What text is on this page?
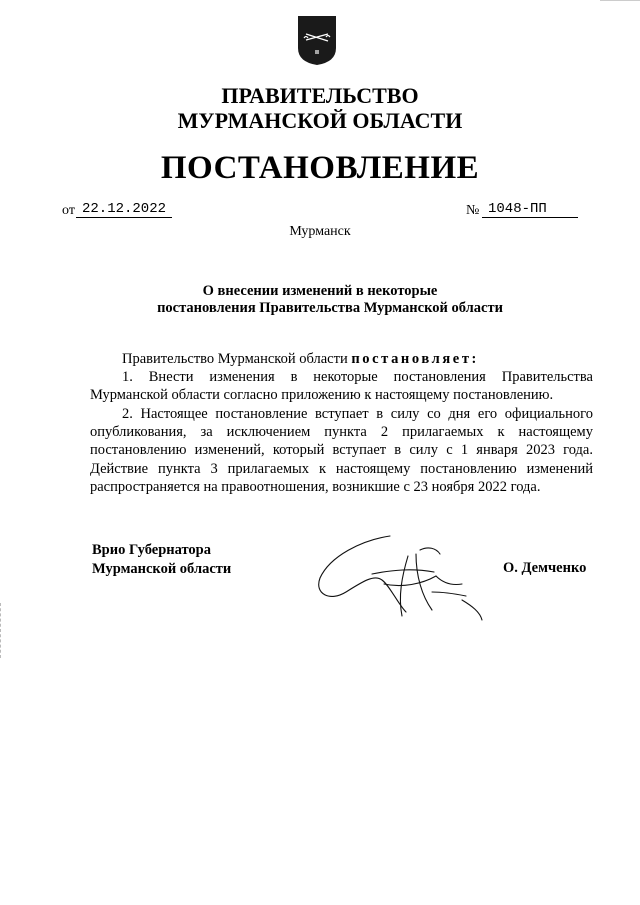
ПРАВИТЕЛЬСТВО
МУРМАНСКОЙ ОБЛАСТИ
ПОСТАНОВЛЕНИЕ
от 22.12.2022	№ 1048-ПП
Мурманск
О внесении изменений в некоторые
постановления Правительства Мурманской области
Правительство Мурманской области постановляет:
1. Внести изменения в некоторые постановления Правительства Мурманской области согласно приложению к настоящему постановлению.
2. Настоящее постановление вступает в силу со дня его официального опубликования, за исключением пункта 2 прилагаемых к настоящему постановлению изменений, который вступает в силу с 1 января 2023 года. Действие пункта 3 прилагаемых к настоящему постановлению изменений распространяется на правоотношения, возникшие с 23 ноября 2022 года.
Врио Губернатора
Мурманской области	О. Демченко
